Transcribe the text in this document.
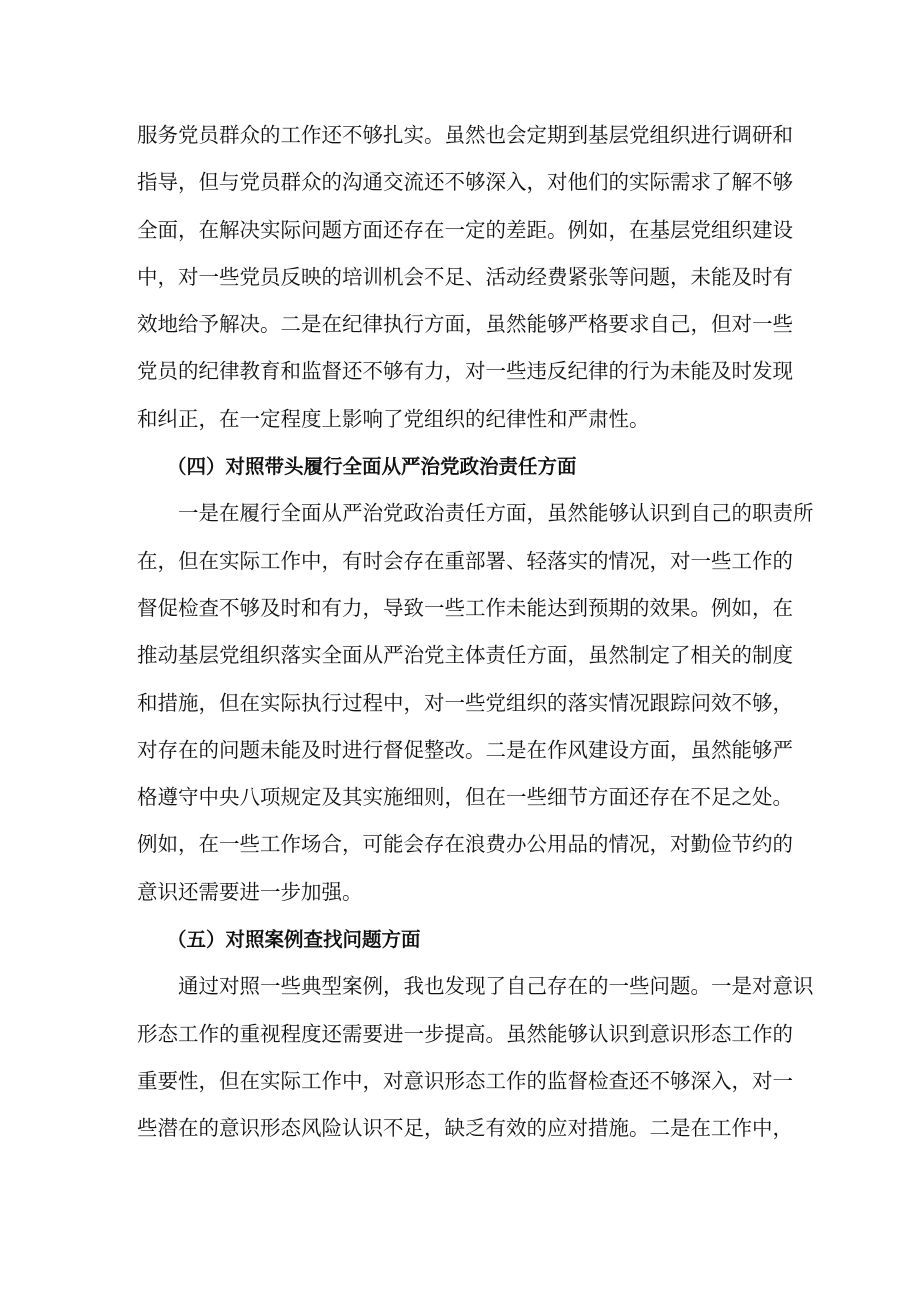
服务党员群众的工作还不够扎实。虽然也会定期到基层党组织进行调研和
指导，但与党员群众的沟通交流还不够深入，对他们的实际需求了解不够
全面，在解决实际问题方面还存在一定的差距。例如，在基层党组织建设
中，对一些党员反映的培训机会不足、活动经费紧张等问题，未能及时有
效地给予解决。二是在纪律执行方面，虽然能够严格要求自己，但对一些
党员的纪律教育和监督还不够有力，对一些违反纪律的行为未能及时发现
和纠正，在一定程度上影响了党组织的纪律性和严肃性。
（四）对照带头履行全面从严治党政治责任方面
一是在履行全面从严治党政治责任方面，虽然能够认识到自己的职责所
在，但在实际工作中，有时会存在重部署、轻落实的情况，对一些工作的
督促检查不够及时和有力，导致一些工作未能达到预期的效果。例如，在
推动基层党组织落实全面从严治党主体责任方面，虽然制定了相关的制度
和措施，但在实际执行过程中，对一些党组织的落实情况跟踪问效不够，
对存在的问题未能及时进行督促整改。二是在作风建设方面，虽然能够严
格遵守中央八项规定及其实施细则，但在一些细节方面还存在不足之处。
例如，在一些工作场合，可能会存在浪费办公用品的情况，对勤俭节约的
意识还需要进一步加强。
（五）对照案例查找问题方面
通过对照一些典型案例，我也发现了自己存在的一些问题。一是对意识
形态工作的重视程度还需要进一步提高。虽然能够认识到意识形态工作的
重要性，但在实际工作中，对意识形态工作的监督检查还不够深入，对一
些潜在的意识形态风险认识不足，缺乏有效的应对措施。二是在工作中，
